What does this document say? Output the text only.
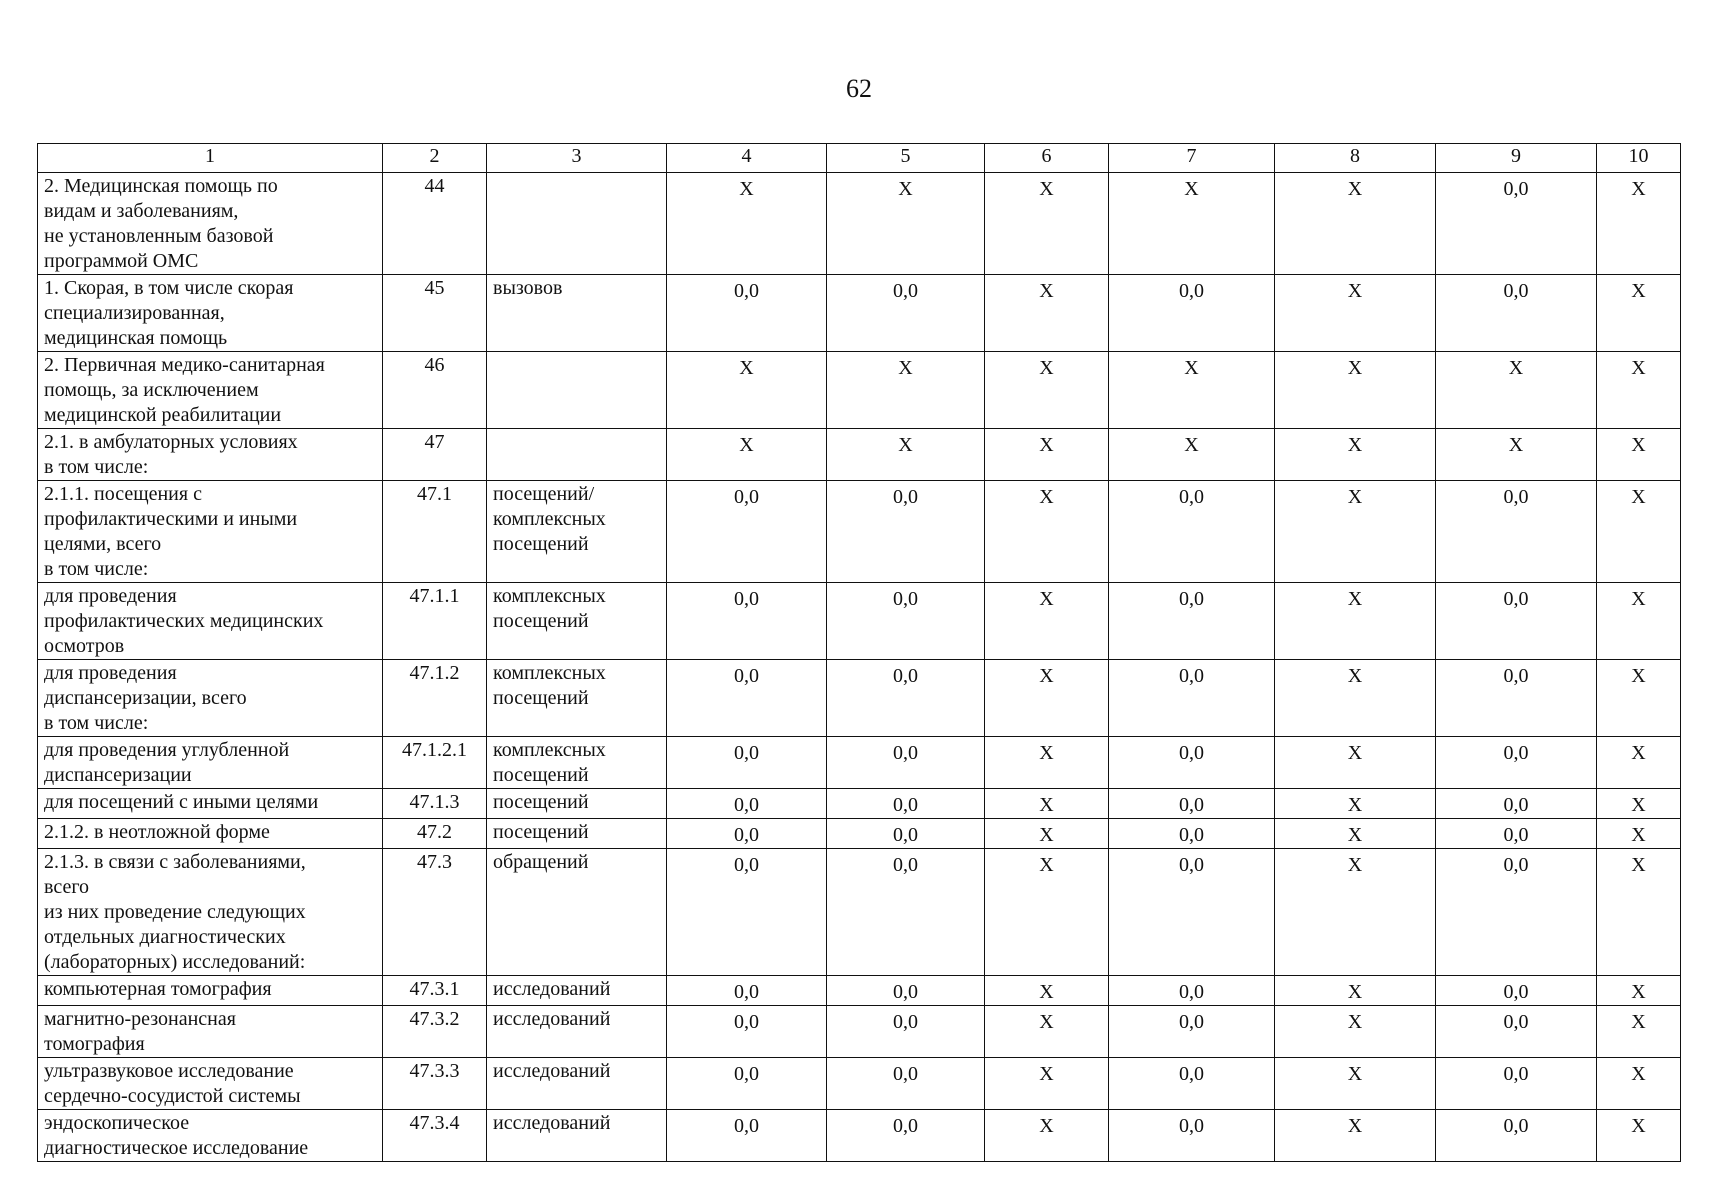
62
1	2	3	4	5	6	7	8	9	10
2. Медицинская помощь по
видам и заболеваниям,
не установленным базовой
программой ОМС	44		X	X	X	X	X	0,0	X
1. Скорая, в том числе скорая
специализированная,
медицинская помощь	45	вызовов	0,0	0,0	X	0,0	X	0,0	X
2. Первичная медико-санитарная
помощь, за исключением
медицинской реабилитации	46		X	X	X	X	X	X	X
2.1. в амбулаторных условиях
в том числе:	47		X	X	X	X	X	X	X
2.1.1. посещения с
профилактическими и иными
целями, всего
в том числе:	47.1	посещений/
комплексных
посещений	0,0	0,0	X	0,0	X	0,0	X
для проведения
профилактических медицинских
осмотров	47.1.1	комплексных
посещений	0,0	0,0	X	0,0	X	0,0	X
для проведения
диспансеризации, всего
в том числе:	47.1.2	комплексных
посещений	0,0	0,0	X	0,0	X	0,0	X
для проведения углубленной
диспансеризации	47.1.2.1	комплексных
посещений	0,0	0,0	X	0,0	X	0,0	X
для посещений с иными целями	47.1.3	посещений	0,0	0,0	X	0,0	X	0,0	X
2.1.2. в неотложной форме	47.2	посещений	0,0	0,0	X	0,0	X	0,0	X
2.1.3. в связи с заболеваниями,
всего
из них проведение следующих
отдельных диагностических
(лабораторных) исследований:	47.3	обращений	0,0	0,0	X	0,0	X	0,0	X
компьютерная томография	47.3.1	исследований	0,0	0,0	X	0,0	X	0,0	X
магнитно-резонансная
томография	47.3.2	исследований	0,0	0,0	X	0,0	X	0,0	X
ультразвуковое исследование
сердечно-сосудистой системы	47.3.3	исследований	0,0	0,0	X	0,0	X	0,0	X
эндоскопическое
диагностическое исследование	47.3.4	исследований	0,0	0,0	X	0,0	X	0,0	X
